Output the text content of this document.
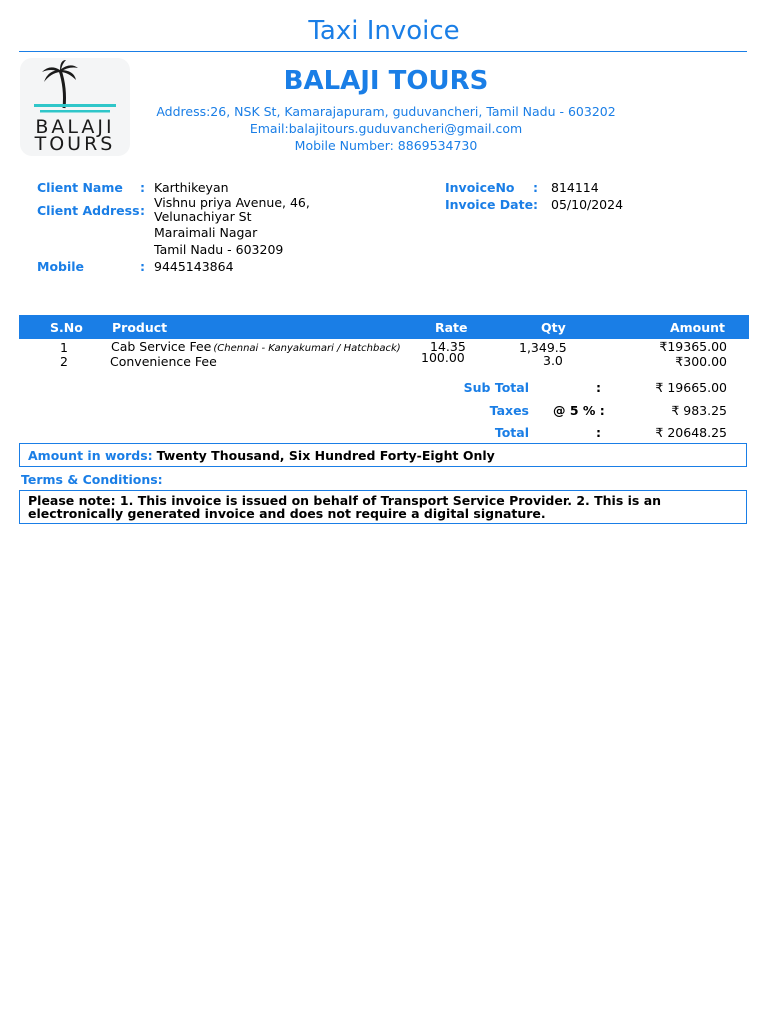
Taxi Invoice
BALAJI
TOURS
BALAJI TOURS
Address:26, NSK St, Kamarajapuram, guduvancheri, Tamil Nadu - 603202
Email:balajitours.guduvancheri@gmail.com
Mobile Number: 8869534730
Client Name : Karthikeyan
Client Address :
Vishnu priya Avenue, 46, Velunachiyar St
Maraimali Nagar
Tamil Nadu - 603209
Mobile	: 9445143864
InvoiceNo : 814114
Invoice Date : 05/10/2024
S.No Product	Rate	Qty	Amount
1	Cab Service Fee (Chennai - Kanyakumari / Hatchback) 14.35	1,349.5	₹19365.00
2	Convenience Fee	100.00	3.0	₹300.00
Sub Total	:	₹ 19665.00
Taxes @ 5 % :	₹ 983.25
Total	:	₹ 20648.25
Amount in words: Twenty Thousand, Six Hundred Forty-Eight Only
Terms & Conditions:
Please note: 1. This invoice is issued on behalf of Transport Service Provider. 2. This is an electronically generated invoice and does not require a digital signature.
